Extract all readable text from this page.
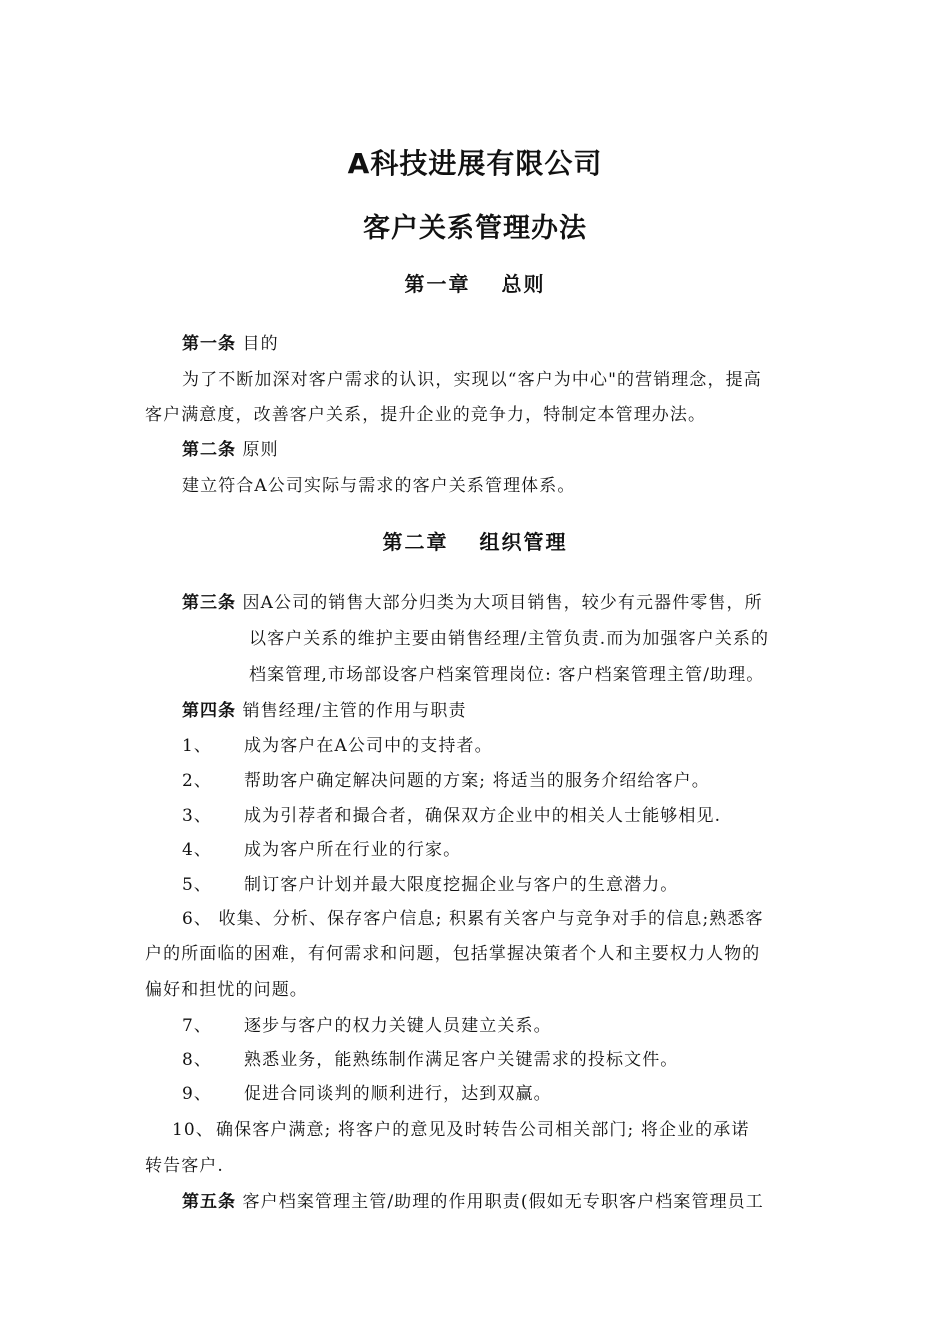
A科技进展有限公司
客户关系管理办法
第一章　 总则
第一条 目的
为了不断加深对客户需求的认识，实现以“客户为中心"的营销理念，提高
客户满意度，改善客户关系，提升企业的竞争力，特制定本管理办法。
第二条 原则
建立符合A公司实际与需求的客户关系管理体系。
第二章　 组织管理
第三条 因A公司的销售大部分归类为大项目销售，较少有元器件零售，所
以客户关系的维护主要由销售经理/主管负责.而为加强客户关系的
档案管理,市场部设客户档案管理岗位: 客户档案管理主管/助理。
第四条 销售经理/主管的作用与职责
1、 成为客户在A公司中的支持者。
2、 帮助客户确定解决问题的方案; 将适当的服务介绍给客户。
3、 成为引荐者和撮合者，确保双方企业中的相关人士能够相见.
4、 成为客户所在行业的行家。
5、 制订客户计划并最大限度挖掘企业与客户的生意潜力。
6、 收集、分析、保存客户信息; 积累有关客户与竞争对手的信息;熟悉客
户的所面临的困难，有何需求和问题，包括掌握决策者个人和主要权力人物的
偏好和担忧的问题。
7、 逐步与客户的权力关键人员建立关系。
8、 熟悉业务，能熟练制作满足客户关键需求的投标文件。
9、 促进合同谈判的顺利进行，达到双赢。
10、 确保客户满意; 将客户的意见及时转告公司相关部门; 将企业的承诺
转告客户.
第五条 客户档案管理主管/助理的作用职责(假如无专职客户档案管理员工
